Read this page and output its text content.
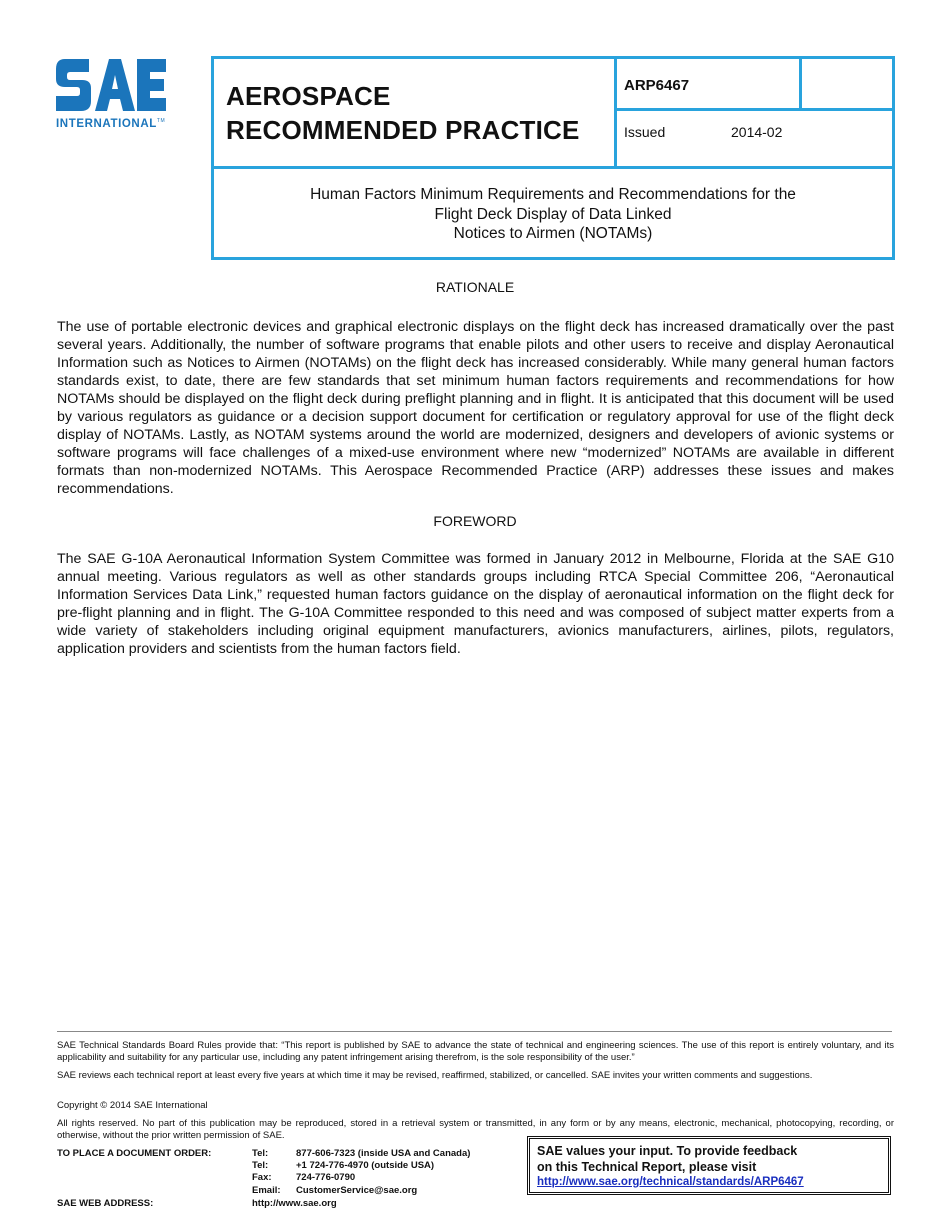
INTERNATIONAL™
AEROSPACE
RECOMMENDED PRACTICE
ARP6467
Issued	2014-02
Human Factors Minimum Requirements and Recommendations for the
Flight Deck Display of Data Linked
Notices to Airmen (NOTAMs)
RATIONALE
The use of portable electronic devices and graphical electronic displays on the flight deck has increased dramatically over the past several years. Additionally, the number of software programs that enable pilots and other users to receive and display Aeronautical Information such as Notices to Airmen (NOTAMs) on the flight deck has increased considerably. While many general human factors standards exist, to date, there are few standards that set minimum human factors requirements and recommendations for how NOTAMs should be displayed on the flight deck during preflight planning and in flight. It is anticipated that this document will be used by various regulators as guidance or a decision support document for certification or regulatory approval for use of the flight deck display of NOTAMs. Lastly, as NOTAM systems around the world are modernized, designers and developers of avionic systems or software programs will face challenges of a mixed-use environment where new “modernized” NOTAMs are available in different formats than non-modernized NOTAMs. This Aerospace Recommended Practice (ARP) addresses these issues and makes recommendations.
FOREWORD
The SAE G-10A Aeronautical Information System Committee was formed in January 2012 in Melbourne, Florida at the SAE G10 annual meeting. Various regulators as well as other standards groups including RTCA Special Committee 206, “Aeronautical Information Services Data Link,” requested human factors guidance on the display of aeronautical information on the flight deck for pre-flight planning and in flight. The G-10A Committee responded to this need and was composed of subject matter experts from a wide variety of stakeholders including original equipment manufacturers, avionics manufacturers, airlines, pilots, regulators, application providers and scientists from the human factors field.
SAE Technical Standards Board Rules provide that: “This report is published by SAE to advance the state of technical and engineering sciences. The use of this report is entirely voluntary, and its applicability and suitability for any particular use, including any patent infringement arising therefrom, is the sole responsibility of the user.”
SAE reviews each technical report at least every five years at which time it may be revised, reaffirmed, stabilized, or cancelled. SAE invites your written comments and suggestions.
Copyright © 2014 SAE International
All rights reserved. No part of this publication may be reproduced, stored in a retrieval system or transmitted, in any form or by any means, electronic, mechanical, photocopying, recording, or otherwise, without the prior written permission of SAE.
TO PLACE A DOCUMENT ORDER:	Tel:	877-606-7323 (inside USA and Canada)
Tel:	+1 724-776-4970 (outside USA)
Fax:	724-776-0790
Email: CustomerService@sae.org
SAE WEB ADDRESS:	http://www.sae.org
SAE values your input. To provide feedback
on this Technical Report, please visit
http://www.sae.org/technical/standards/ARP6467
